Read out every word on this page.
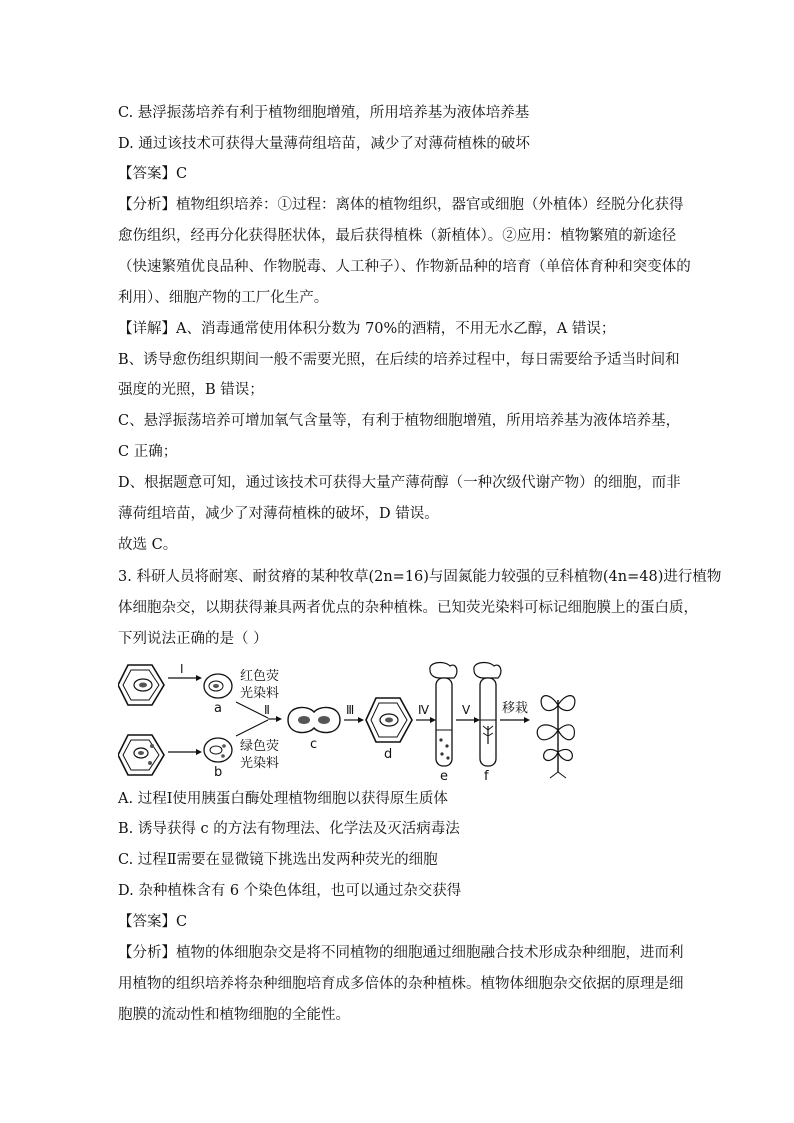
C. 悬浮振荡培养有利于植物细胞增殖，所用培养基为液体培养基
D. 通过该技术可获得大量薄荷组培苗，减少了对薄荷植株的破坏
【答案】C
【分析】植物组织培养：①过程：离体的植物组织，器官或细胞（外植体）经脱分化获得
愈伤组织，经再分化获得胚状体，最后获得植株（新植体）。②应用：植物繁殖的新途径
（快速繁殖优良品种、作物脱毒、人工种子）、作物新品种的培育（单倍体育种和突变体的
利用）、细胞产物的工厂化生产。
【详解】A、消毒通常使用体积分数为 70%的酒精，不用无水乙醇，A 错误；
B、诱导愈伤组织期间一般不需要光照，在后续的培养过程中，每日需要给予适当时间和
强度的光照，B 错误；
C、悬浮振荡培养可增加氧气含量等，有利于植物细胞增殖，所用培养基为液体培养基，
C 正确；
D、根据题意可知，通过该技术可获得大量产薄荷醇（一种次级代谢产物）的细胞，而非
薄荷组培苗，减少了对薄荷植株的破坏，D 错误。
故选 C。
3. 科研人员将耐寒、耐贫瘠的某种牧草(2n=16)与固氮能力较强的豆科植物(4n=48)进行植物
体细胞杂交，以期获得兼具两者优点的杂种植株。已知荧光染料可标记细胞膜上的蛋白质，
下列说法正确的是（ ）
Ⅰ
a
b
红色荧
光染料
绿色荧
光染料
Ⅱ
c
Ⅲ
d
Ⅳ
e
Ⅴ
f
移栽
A. 过程Ⅰ使用胰蛋白酶处理植物细胞以获得原生质体
B. 诱导获得 c 的方法有物理法、化学法及灭活病毒法
C. 过程Ⅱ需要在显微镜下挑选出发两种荧光的细胞
D. 杂种植株含有 6 个染色体组，也可以通过杂交获得
【答案】C
【分析】植物的体细胞杂交是将不同植物的细胞通过细胞融合技术形成杂种细胞，进而利
用植物的组织培养将杂种细胞培育成多倍体的杂种植株。植物体细胞杂交依据的原理是细
胞膜的流动性和植物细胞的全能性。
